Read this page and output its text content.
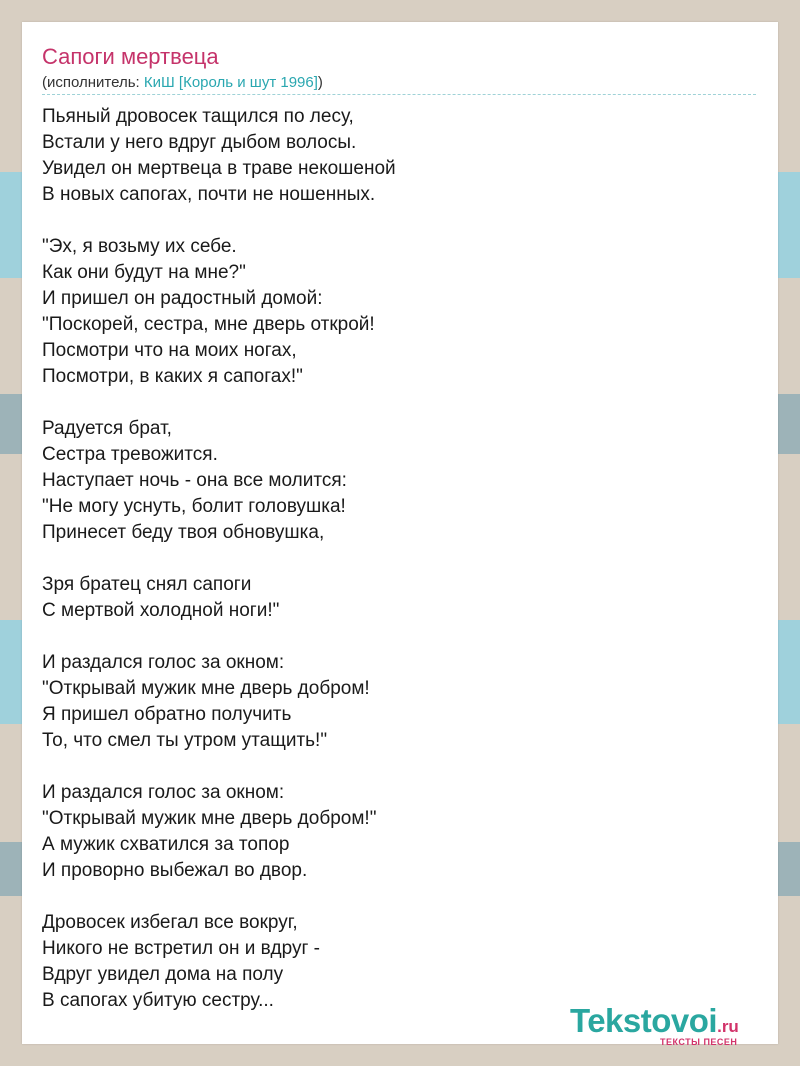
Сапоги мертвеца
(исполнитель: КиШ [Король и шут 1996])
Пьяный дровосек тащился по лесу,
Встали у него вдруг дыбом волосы.
Увидел он мертвеца в траве некошеной
В новых сапогах, почти не ношенных.
"Эх, я возьму их себе.
Как они будут на мне?"
И пришел он радостный домой:
"Поскорей, сестра, мне дверь открой!
Посмотри что на моих ногах,
Посмотри, в каких я сапогах!"
Радуется брат,
Сестра тревожится.
Наступает ночь - она все молится:
"Не могу уснуть, болит головушка!
Принесет беду твоя обновушка,
Зря братец снял сапоги
С мертвой холодной ноги!"
И раздался голос за окном:
"Открывай мужик мне дверь добром!
Я пришел обратно получить
То, что смел ты утром утащить!"
И раздался голос за окном:
"Открывай мужик мне дверь добром!"
А мужик схватился за топор
И проворно выбежал во двор.
Дровосек избегал все вокруг,
Никого не встретил он и вдруг -
Вдруг увидел дома на полу
В сапогах убитую сестру...
Tekstovoi.ru
ТЕКСТЫ ПЕСЕН
